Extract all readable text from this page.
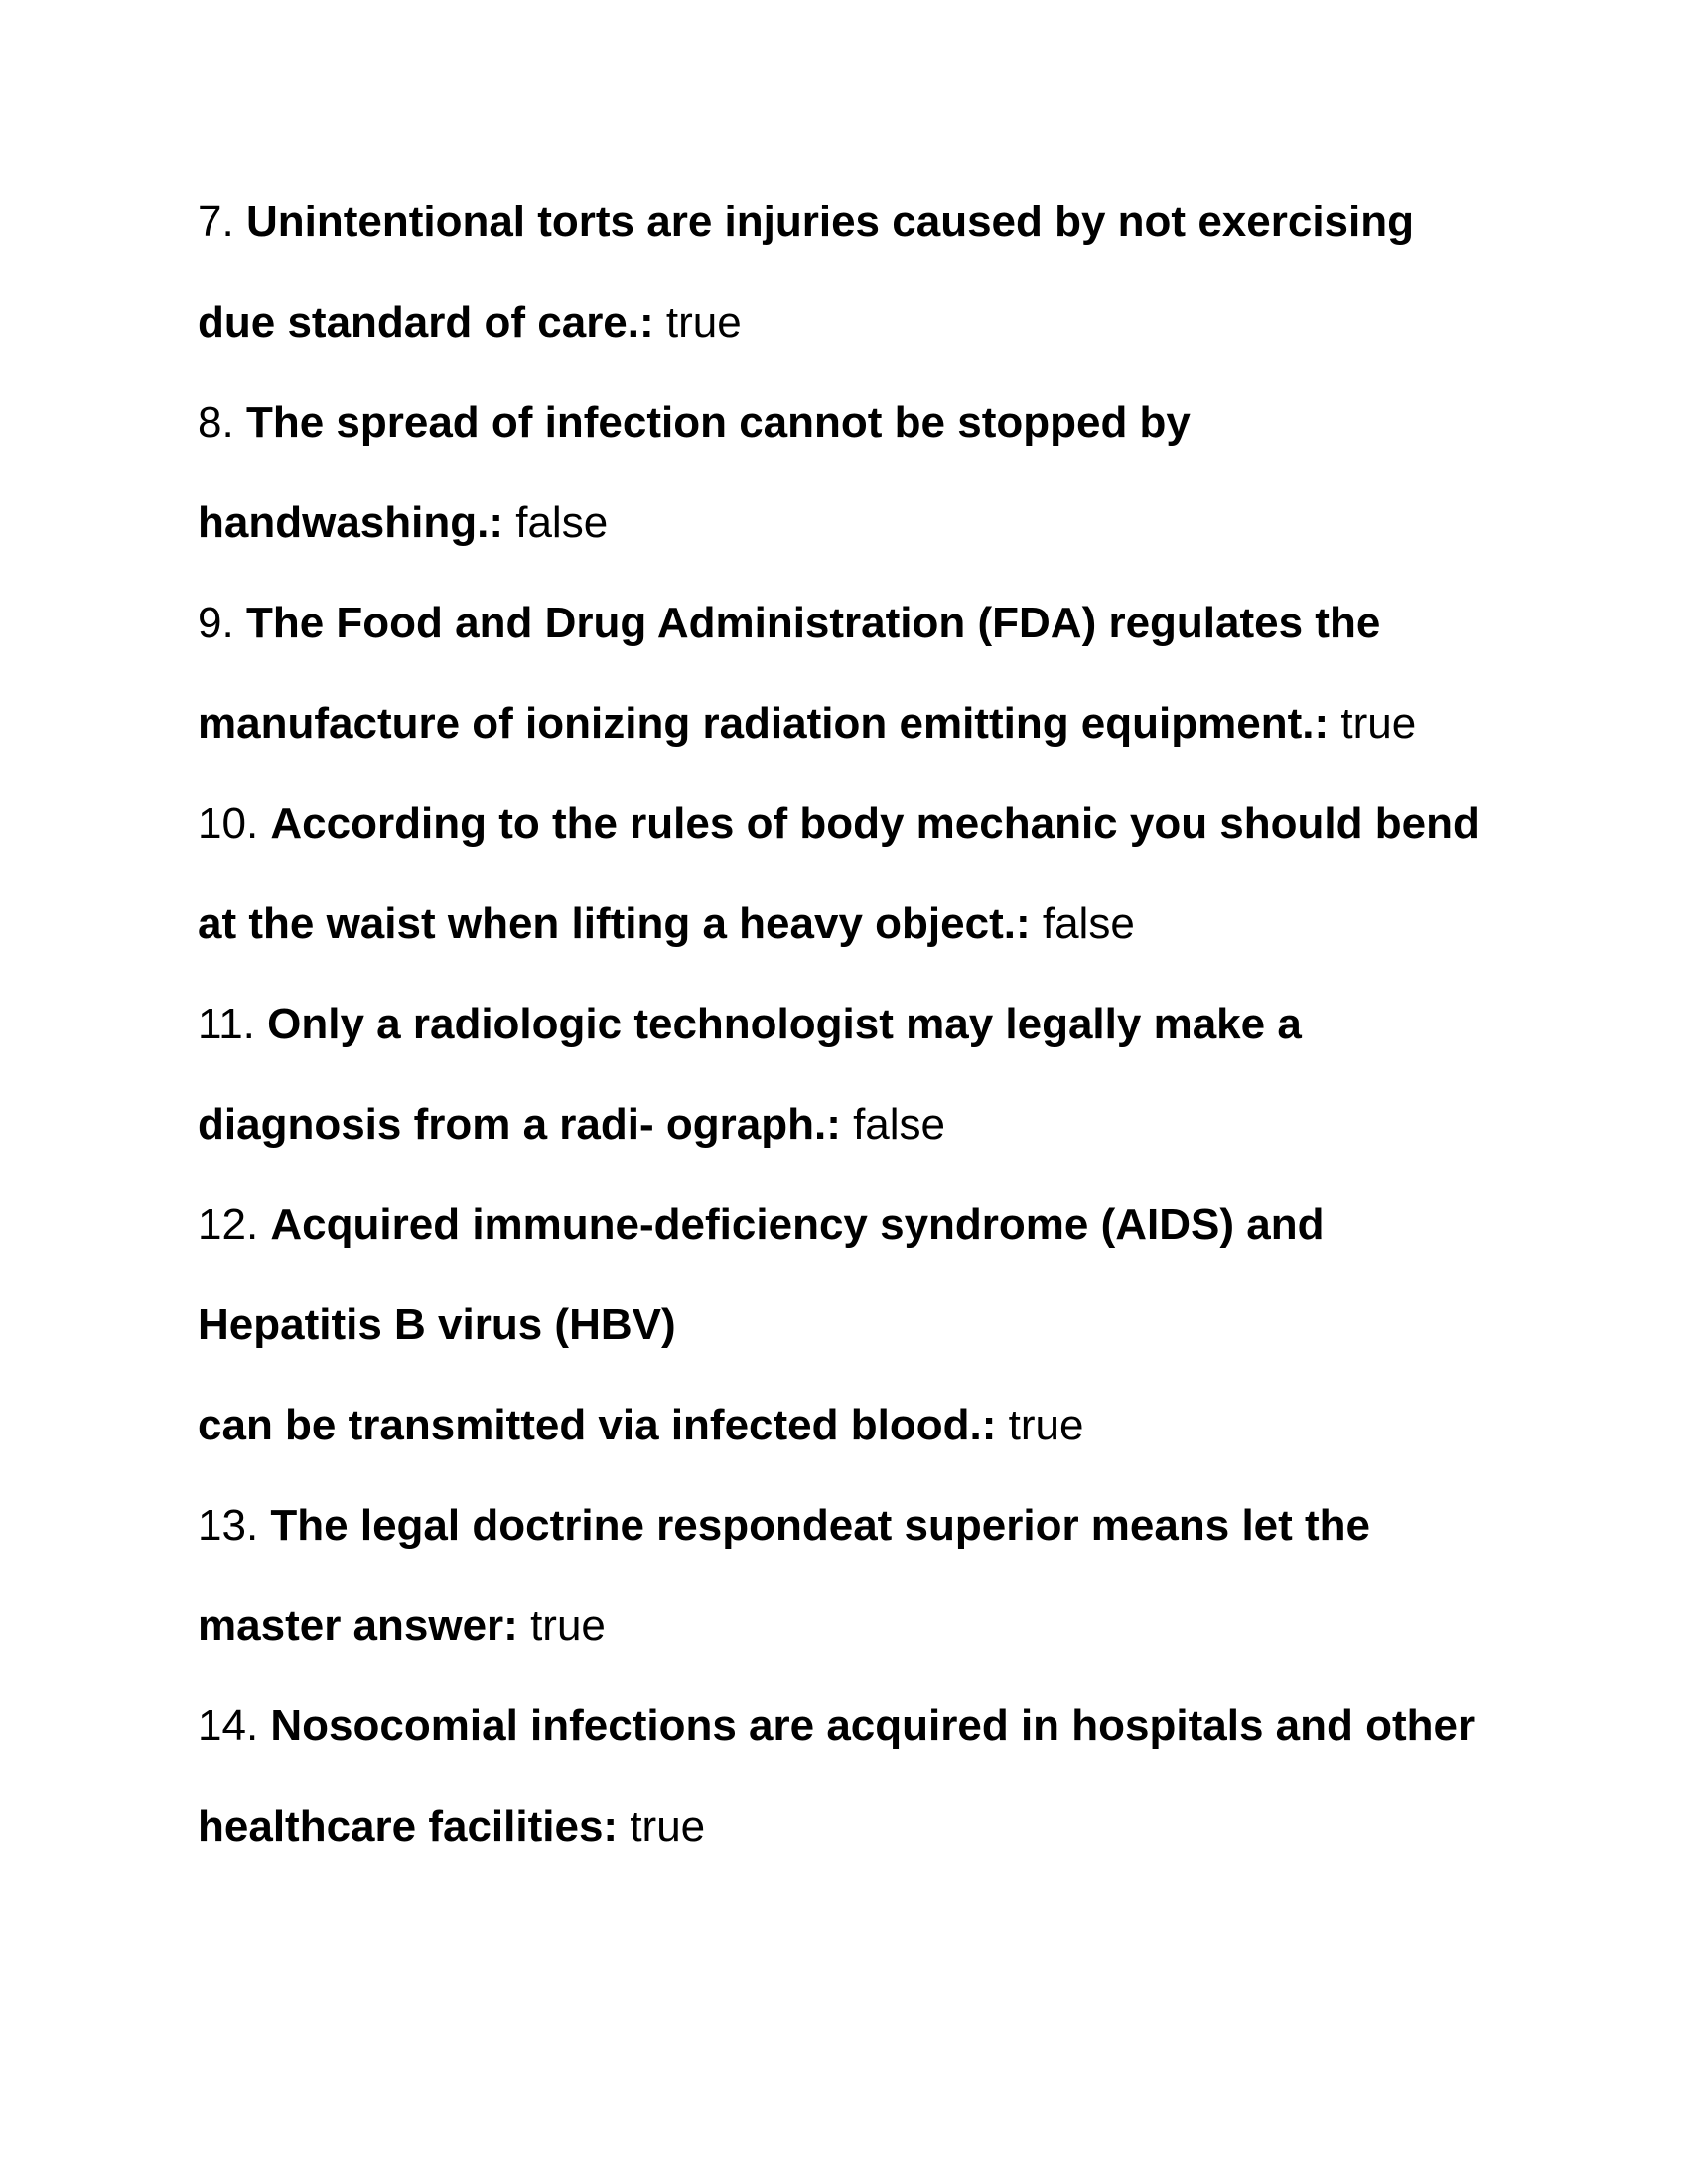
7. Unintentional torts are injuries caused by not exercising
due standard of care.: true
8. The spread of infection cannot be stopped by
handwashing.: false
9. The Food and Drug Administration (FDA) regulates the
manufacture of ionizing radiation emitting equipment.: true
10. According to the rules of body mechanic you should bend
at the waist when lifting a heavy object.: false
11. Only a radiologic technologist may legally make a
diagnosis from a radi- ograph.: false
12. Acquired immune-deficiency syndrome (AIDS) and
Hepatitis B virus (HBV)
can be transmitted via infected blood.: true
13. The legal doctrine respondeat superior means let the
master answer: true
14. Nosocomial infections are acquired in hospitals and other
healthcare facilities: true
